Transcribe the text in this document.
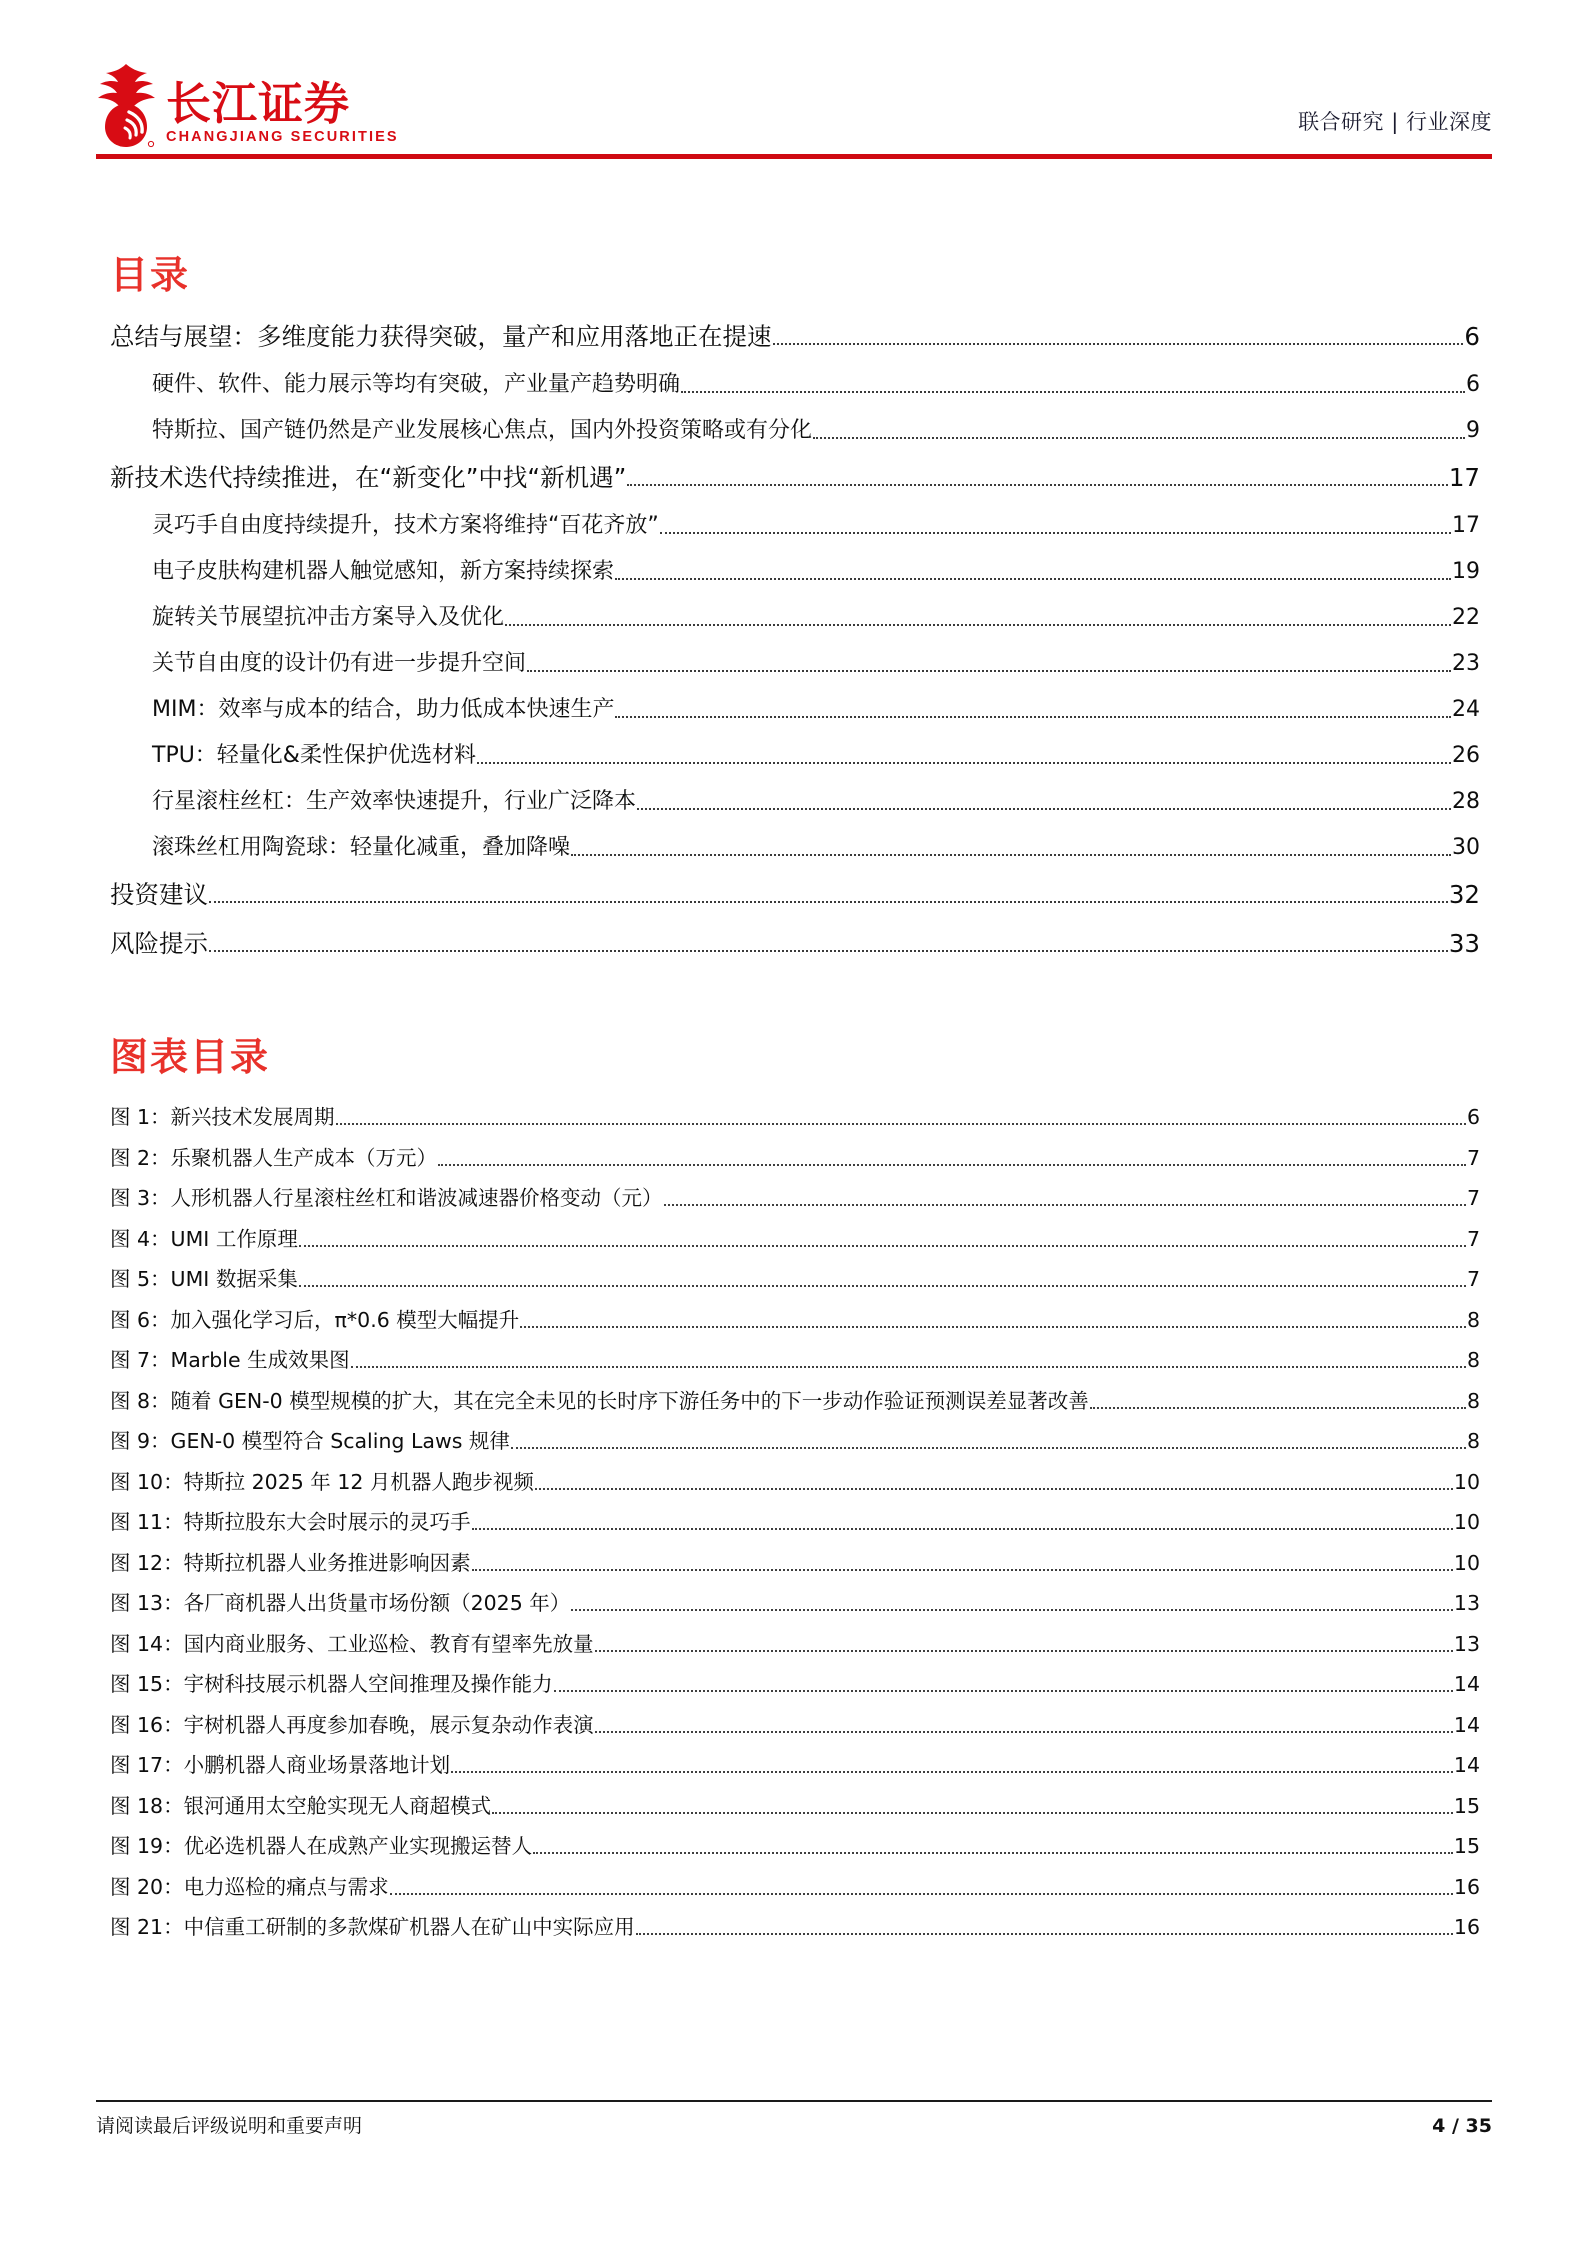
长江证券
CHANGJIANG SECURITIES
联合研究 | 行业深度
目录
总结与展望：多维度能力获得突破，量产和应用落地正在提速	6
硬件、软件、能力展示等均有突破，产业量产趋势明确	6
特斯拉、国产链仍然是产业发展核心焦点，国内外投资策略或有分化	9
新技术迭代持续推进，在“新变化”中找“新机遇”	17
灵巧手自由度持续提升，技术方案将维持“百花齐放”	17
电子皮肤构建机器人触觉感知，新方案持续探索	19
旋转关节展望抗冲击方案导入及优化	22
关节自由度的设计仍有进一步提升空间	23
MIM：效率与成本的结合，助力低成本快速生产	24
TPU：轻量化&柔性保护优选材料	26
行星滚柱丝杠：生产效率快速提升，行业广泛降本	28
滚珠丝杠用陶瓷球：轻量化减重，叠加降噪	30
投资建议	32
风险提示	33
图表目录
图 1：新兴技术发展周期	6
图 2：乐聚机器人生产成本（万元）	7
图 3：人形机器人行星滚柱丝杠和谐波减速器价格变动（元）	7
图 4：UMI 工作原理	7
图 5：UMI 数据采集	7
图 6：加入强化学习后，π*0.6 模型大幅提升	8
图 7：Marble 生成效果图	8
图 8：随着 GEN-0 模型规模的扩大，其在完全未见的长时序下游任务中的下一步动作验证预测误差显著改善	8
图 9：GEN-0 模型符合 Scaling Laws 规律	8
图 10：特斯拉 2025 年 12 月机器人跑步视频	10
图 11：特斯拉股东大会时展示的灵巧手	10
图 12：特斯拉机器人业务推进影响因素	10
图 13：各厂商机器人出货量市场份额（2025 年）	13
图 14：国内商业服务、工业巡检、教育有望率先放量	13
图 15：宇树科技展示机器人空间推理及操作能力	14
图 16：宇树机器人再度参加春晚，展示复杂动作表演	14
图 17：小鹏机器人商业场景落地计划	14
图 18：银河通用太空舱实现无人商超模式	15
图 19：优必选机器人在成熟产业实现搬运替人	15
图 20：电力巡检的痛点与需求	16
图 21：中信重工研制的多款煤矿机器人在矿山中实际应用	16
请阅读最后评级说明和重要声明	4 / 35
